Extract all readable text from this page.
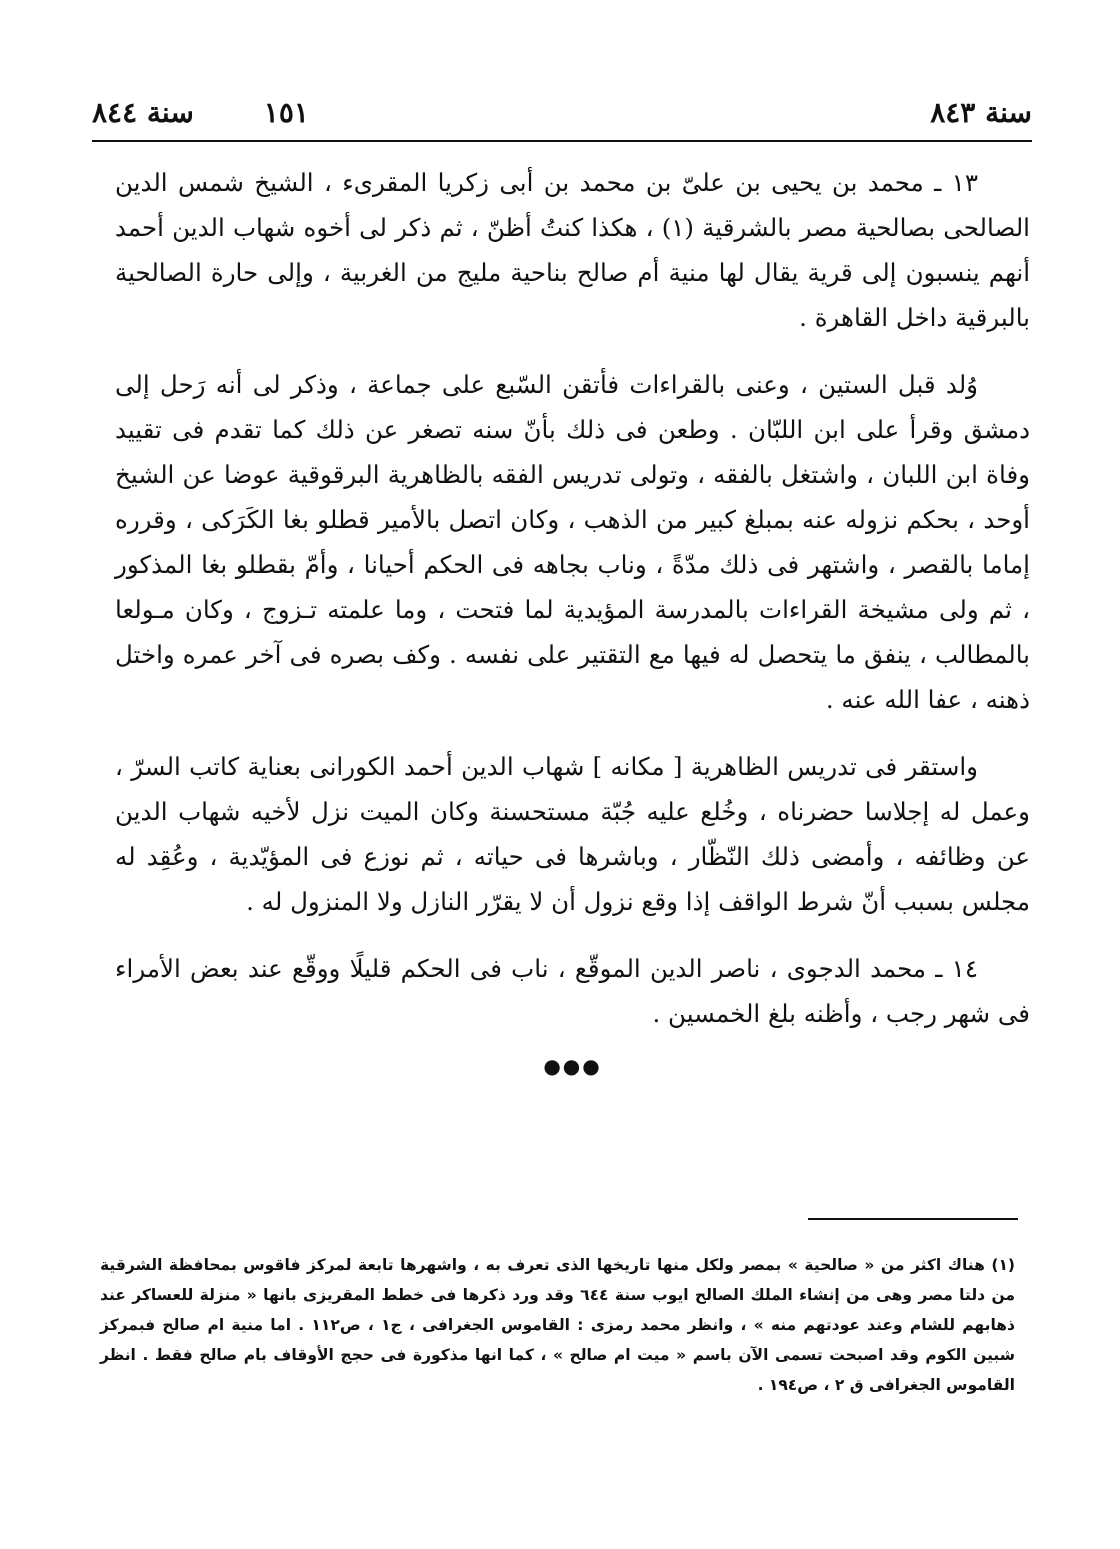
سنة ٨٤٣
١٥١سنة ٨٤٤

١٣ ـ محمد بن يحيى بن علىّ بن محمد بن أبى زكريا المقرىء ، الشيخ شمس الدين الصالحى بصالحية مصر بالشرقية (١) ، هكذا كنتُ أظنّ ، ثم ذكر لى أخوه شهاب الدين أحمد أنهم ينسبون إلى قرية يقال لها منية أم صالح بناحية مليج من الغربية ، وإلى حارة الصالحية بالبرقية داخل القاهرة .

وُلد قبل الستين ، وعنى بالقراءات فأتقن السّبع على جماعة ، وذكر لى أنه رَحل إلى دمشق وقرأ على ابن اللبّان . وطعن فى ذلك بأنّ سنه تصغر عن ذلك كما تقدم فى تقييد وفاة ابن اللبان ، واشتغل بالفقه ، وتولى تدريس الفقه بالظاهرية البرقوقية عوضا عن الشيخ أوحد ، بحكم نزوله عنه بمبلغ كبير من الذهب ، وكان اتصل بالأمير قطلو بغا الكَرَكى ، وقرره إماما بالقصر ، واشتهر فى ذلك مدّةً ، وناب بجاهه فى الحكم أحيانا ، وأمّ بقطلو بغا المذكور ، ثم ولى مشيخة القراءات بالمدرسة المؤيدية لما فتحت ، وما علمته تـزوج ، وكان مـولعا بالمطالب ، ينفق ما يتحصل له فيها مع التقتير على نفسه . وكف بصره فى آخر عمره واختل ذهنه ، عفا الله عنه .

واستقر فى تدريس الظاهرية [ مكانه ] شهاب الدين أحمد الكورانى بعناية كاتب السرّ ، وعمل له إجلاسا حضرناه ، وخُلع عليه جُبّة مستحسنة وكان الميت نزل لأخيه شهاب الدين عن وظائفه ، وأمضى ذلك النّظّار ، وباشرها فى حياته ، ثم نوزع فى المؤيّدية ، وعُقِد له مجلس بسبب أنّ شرط الواقف إذا وقع نزول أن لا يقرّر النازل ولا المنزول له .

١٤ ـ محمد الدجوى ، ناصر الدين الموقّع ، ناب فى الحكم قليلًا ووقّع عند بعض الأمراء فى شهر رجب ، وأظنه بلغ الخمسين .

●●●

(١) هناك اكثر من « صالحية » بمصر ولكل منها تاريخها الذى تعرف به ، واشهرها تابعة لمركز فاقوس بمحافظة الشرقية من دلتا مصر وهى من إنشاء الملك الصالح ايوب سنة ٦٤٤ وقد ورد ذكرها فى خطط المقريزى بانها « منزلة للعساكر عند ذهابهم للشام وعند عودتهم منه » ، وانظر محمد رمزى : القاموس الجغرافى ، ج١ ، ص١١٢ . اما منية ام صالح فبمركز شبين الكوم وقد اصبحت تسمى الآن باسم « ميت ام صالح » ، كما انها مذكورة فى حجج الأوقاف بام صالح فقط . انظر القاموس الجغرافى ق ٢ ، ص١٩٤ .
